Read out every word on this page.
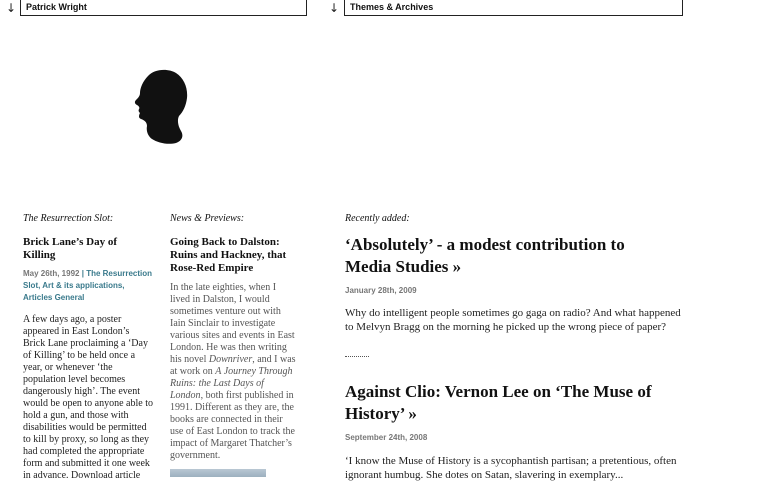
↓ Patrick Wright	↓ Themes & Archives
The Resurrection Slot:
Brick Lane’s Day of Killing
May 26th, 1992 | The Resurrection Slot, Art & its applications, Articles General
A few days ago, a poster appeared in East London’s Brick Lane proclaiming a ‘Day of Killing’ to be held once a year, or whenever ‘the population level becomes dangerously high’. The event would be open to anyone able to hold a gun, and those with disabilities would be permitted to kill by proxy, so long as they had completed the appropriate form and submitted it one week in advance. Download article
News & Previews:
Going Back to Dalston: Ruins and Hackney, that Rose-Red Empire
In the late eighties, when I lived in Dalston, I would sometimes venture out with Iain Sinclair to investigate various sites and events in East London. He was then writing his novel Downriver, and I was at work on A Journey Through Ruins: the Last Days of London, both first published in 1991. Different as they are, the books are connected in their use of East London to track the impact of Margaret Thatcher’s government.
Recently added:
‘Absolutely’ - a modest contribution to Media Studies »
January 28th, 2009
Why do intelligent people sometimes go gaga on radio? And what happened to Melvyn Bragg on the morning he picked up the wrong piece of paper?
Against Clio: Vernon Lee on ‘The Muse of History’ »
September 24th, 2008
‘I know the Muse of History is a sycophantish partisan; a pretentious, often ignorant humbug. She dotes on Satan, slavering in exemplary...
